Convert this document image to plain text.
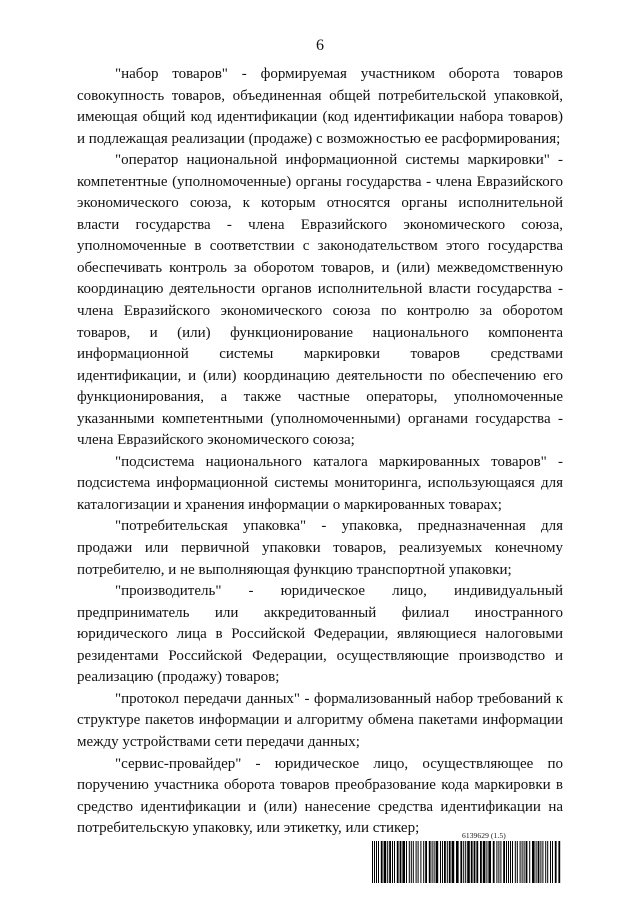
6

"набор товаров" - формируемая участником оборота товаров совокупность товаров, объединенная общей потребительской упаковкой, имеющая общий код идентификации (код идентификации набора товаров) и подлежащая реализации (продаже) с возможностью ее расформирования;

"оператор национальной информационной системы маркировки" - компетентные (уполномоченные) органы государства - члена Евразийского экономического союза, к которым относятся органы исполнительной власти государства - члена Евразийского экономического союза, уполномоченные в соответствии с законодательством этого государства обеспечивать контроль за оборотом товаров, и (или) межведомственную координацию деятельности органов исполнительной власти государства - члена Евразийского экономического союза по контролю за оборотом товаров, и (или) функционирование национального компонента информационной системы маркировки товаров средствами идентификации, и (или) координацию деятельности по обеспечению его функционирования, а также частные операторы, уполномоченные указанными компетентными (уполномоченными) органами государства - члена Евразийского экономического союза;

"подсистема национального каталога маркированных товаров" - подсистема информационной системы мониторинга, использующаяся для каталогизации и хранения информации о маркированных товарах;

"потребительская упаковка" - упаковка, предназначенная для продажи или первичной упаковки товаров, реализуемых конечному потребителю, и не выполняющая функцию транспортной упаковки;

"производитель" - юридическое лицо, индивидуальный предприниматель или аккредитованный филиал иностранного юридического лица в Российской Федерации, являющиеся налоговыми резидентами Российской Федерации, осуществляющие производство и реализацию (продажу) товаров;

"протокол передачи данных" - формализованный набор требований к структуре пакетов информации и алгоритму обмена пакетами информации между устройствами сети передачи данных;

"сервис-провайдер" - юридическое лицо, осуществляющее по поручению участника оборота товаров преобразование кода маркировки в средство идентификации и (или) нанесение средства идентификации на потребительскую упаковку, или этикетку, или стикер;	6139629 (1.5)
